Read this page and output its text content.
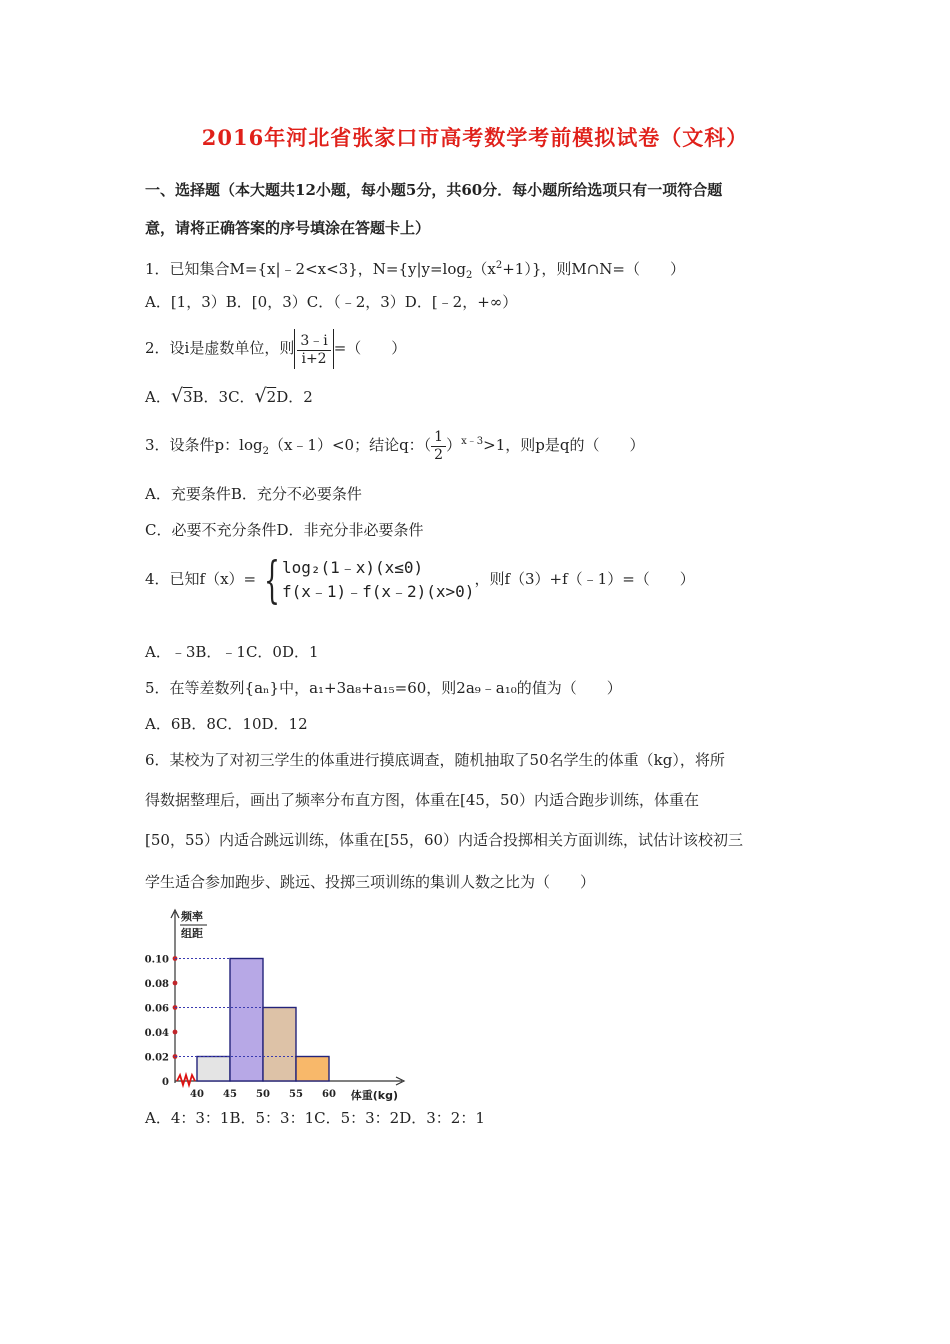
2016年河北省张家口市高考数学考前模拟试卷（文科）
一、选择题（本大题共12小题，每小题5分，共60分．每小题所给选项只有一项符合题
意，请将正确答案的序号填涂在答题卡上）
1．已知集合M={x|﹣2<x<3}，$N=\{y|y=\log_2(x^2+1)\}$，则M∩N=（　　）
A．[1，3）B．[0，3）C．（﹣2，3）D．[﹣2，+∞）
2．设i是虚数单位，则 $\frac{3﹣i}{i+2}$ =（　　）
A．√3B．3C．√2D．2
3．设条件p：$\log_2(x﹣1)<0$；结论q：（ $\frac{1}{2} )^{x﹣3}>1$，则p是q的（　　）
A．充要条件B．充分不必要条件
C．必要不充分条件D．非充分非必要条件
4．已知f（x）= { log₂(1﹣x)(x≤0)
f(x﹣1)﹣f(x﹣2)(x>0)
，则f（3）+f（﹣1）=（　　）
A．﹣3B．﹣1C．0D．1
5．在等差数列{aₙ}中，a₁+3a₈+a₁₅=60，则2a₉﹣a₁₀的值为（　　）
A．6B．8C．10D．12
6．某校为了对初三学生的体重进行摸底调查，随机抽取了50名学生的体重（kg），将所
得数据整理后，画出了频率分布直方图，体重在[45，50）内适合跑步训练，体重在
[50，55）内适合跳远训练，体重在[55，60）内适合投掷相关方面训练，试估计该校初三
学生适合参加跑步、跳远、投掷三项训练的集训人数之比为（　　）
频率
组距
0
0.02
0.04
0.06
0.08
0.10
40 45 50 55 60 体重(kg)
A．4：3：1B．5：3：1C．5：3：2D．3：2：1
